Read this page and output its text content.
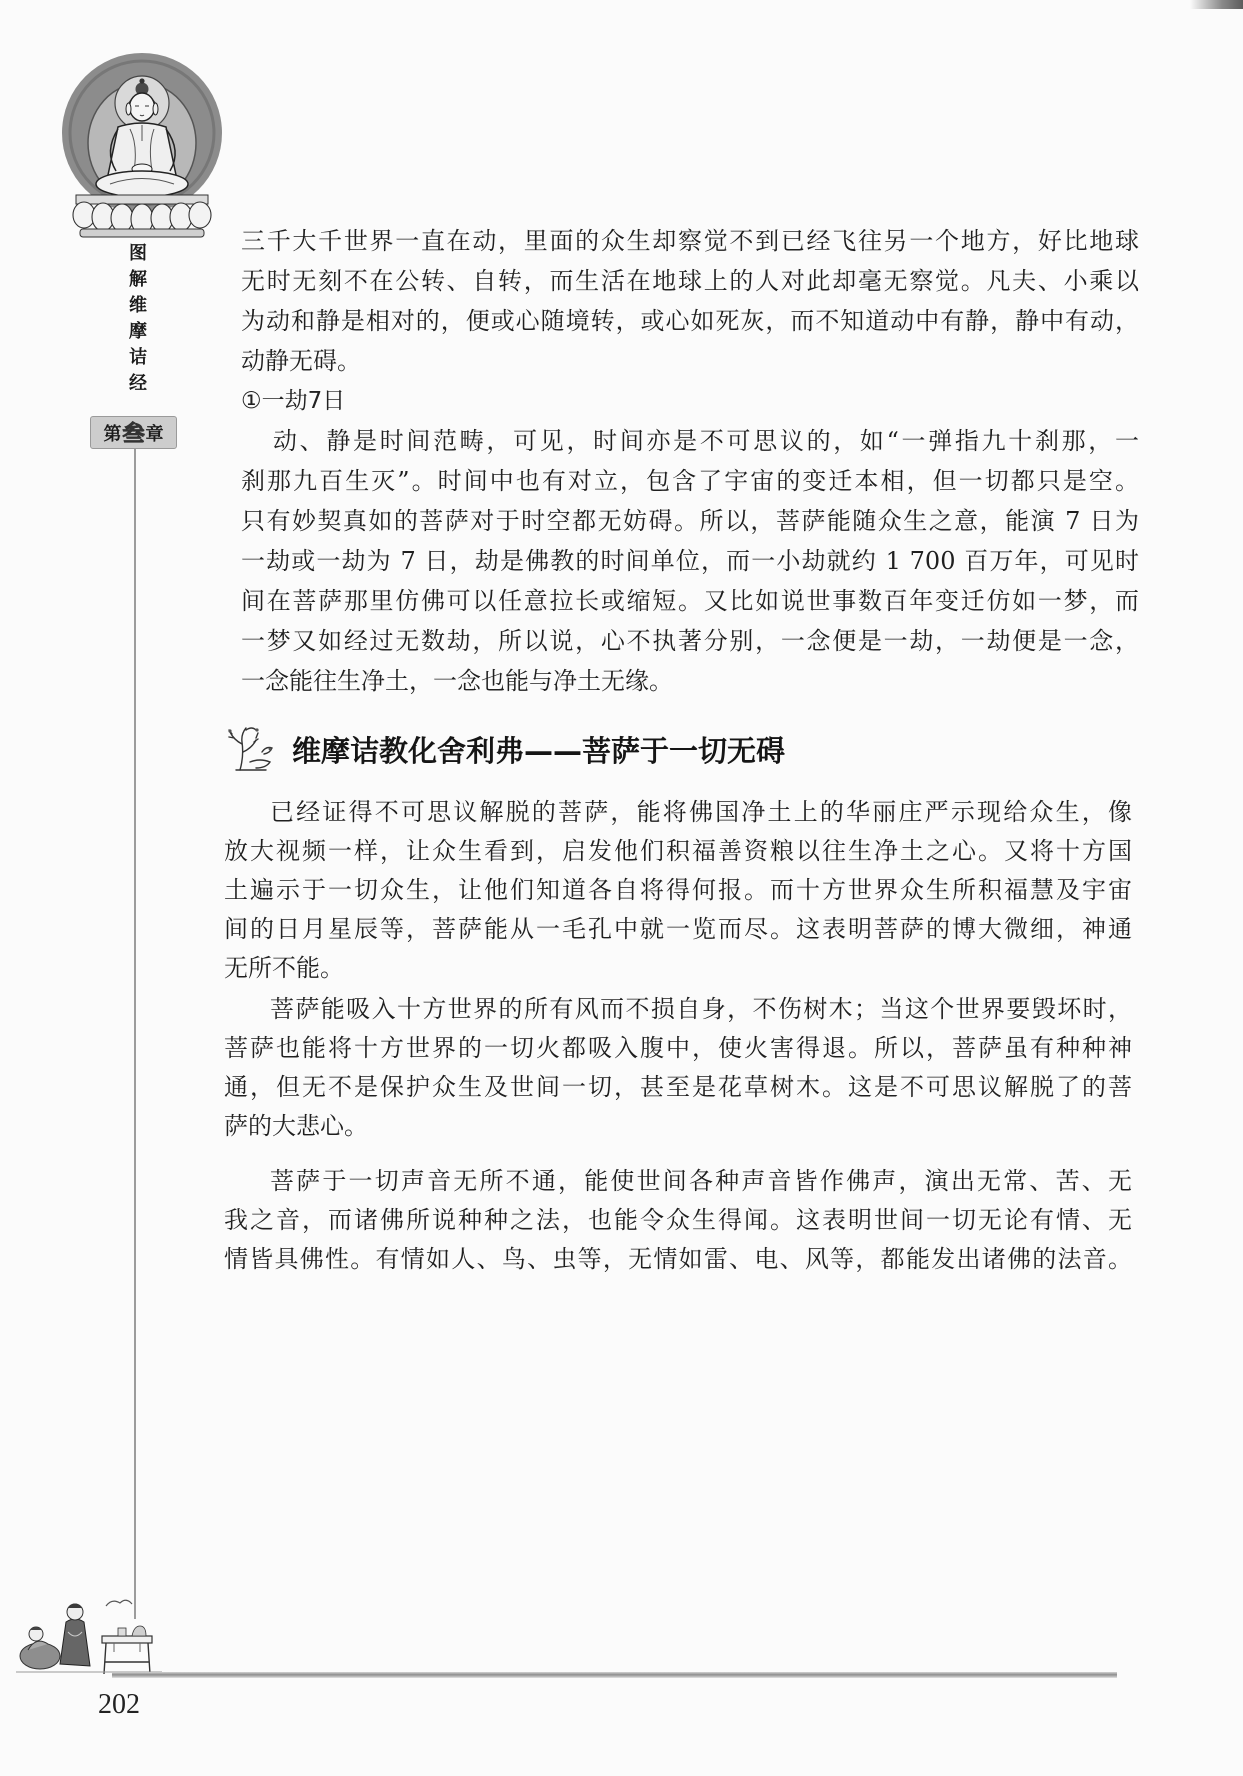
图解维摩诘经
第 叁 章
三千大千世界一直在动，里面的众生却察觉不到已经飞往另一个地方，好比地球
无时无刻不在公转、自转，而生活在地球上的人对此却毫无察觉。凡夫、小乘以
为动和静是相对的，便或心随境转，或心如死灰，而不知道动中有静，静中有动，
动静无碍。
①一劫7日
动、静是时间范畴，可见，时间亦是不可思议的，如“一弹指九十刹那，一
刹那九百生灭”。时间中也有对立，包含了宇宙的变迁本相，但一切都只是空。
只有妙契真如的菩萨对于时空都无妨碍。所以，菩萨能随众生之意，能演 7 日为
一劫或一劫为 7 日，劫是佛教的时间单位，而一小劫就约 1 700 百万年，可见时
间在菩萨那里仿佛可以任意拉长或缩短。又比如说世事数百年变迁仿如一梦，而
一梦又如经过无数劫，所以说，心不执著分别，一念便是一劫，一劫便是一念，
一念能往生净土，一念也能与净土无缘。
维摩诘教化舍利弗——菩萨于一切无碍
已经证得不可思议解脱的菩萨，能将佛国净土上的华丽庄严示现给众生，像
放大视频一样，让众生看到，启发他们积福善资粮以往生净土之心。又将十方国
土遍示于一切众生，让他们知道各自将得何报。而十方世界众生所积福慧及宇宙
间的日月星辰等，菩萨能从一毛孔中就一览而尽。这表明菩萨的博大微细，神通
无所不能。
菩萨能吸入十方世界的所有风而不损自身，不伤树木；当这个世界要毁坏时，
菩萨也能将十方世界的一切火都吸入腹中，使火害得退。所以，菩萨虽有种种神
通，但无不是保护众生及世间一切，甚至是花草树木。这是不可思议解脱了的菩
萨的大悲心。
菩萨于一切声音无所不通，能使世间各种声音皆作佛声，演出无常、苦、无
我之音，而诸佛所说种种之法，也能令众生得闻。这表明世间一切无论有情、无
情皆具佛性。有情如人、鸟、虫等，无情如雷、电、风等，都能发出诸佛的法音。
202
